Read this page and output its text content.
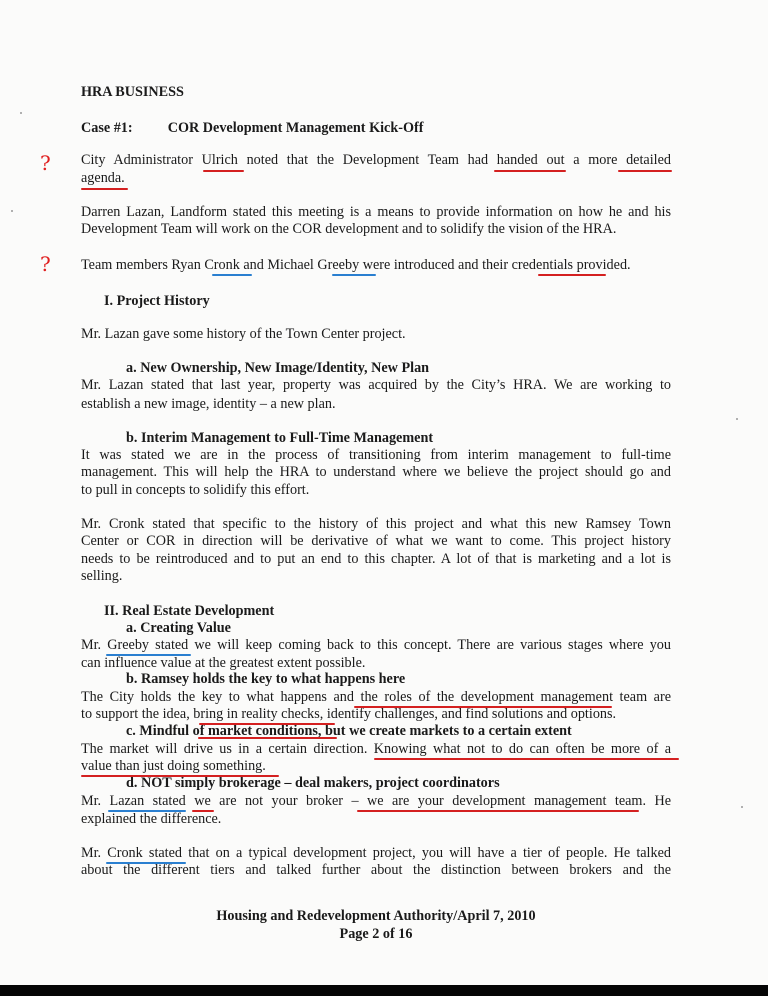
HRA BUSINESS
Case #1: COR Development Management Kick-Off
? City Administrator Ulrich noted that the Development Team had handed out a more detailed
agenda.
Darren Lazan, Landform stated this meeting is a means to provide information on how he and his
Development Team will work on the COR development and to solidify the vision of the HRA.
? Team members Ryan Cronk and Michael Greeby were introduced and their credentials provided.
I. Project History
Mr. Lazan gave some history of the Town Center project.
a. New Ownership, New Image/Identity, New Plan
Mr. Lazan stated that last year, property was acquired by the City’s HRA. We are working to
establish a new image, identity – a new plan.
b. Interim Management to Full-Time Management
It was stated we are in the process of transitioning from interim management to full-time
management. This will help the HRA to understand where we believe the project should go and
to pull in concepts to solidify this effort.
Mr. Cronk stated that specific to the history of this project and what this new Ramsey Town
Center or COR in direction will be derivative of what we want to come. This project history
needs to be reintroduced and to put an end to this chapter. A lot of that is marketing and a lot is
selling.
II. Real Estate Development
a. Creating Value
Mr. Greeby stated we will keep coming back to this concept. There are various stages where you
can influence value at the greatest extent possible.
b. Ramsey holds the key to what happens here
The City holds the key to what happens and the roles of the development management team are
to support the idea, bring in reality checks, identify challenges, and find solutions and options.
c. Mindful of market conditions, but we create markets to a certain extent
The market will drive us in a certain direction. Knowing what not to do can often be more of a
value than just doing something.
d. NOT simply brokerage – deal makers, project coordinators
Mr. Lazan stated we are not your broker – we are your development management team. He
explained the difference.
Mr. Cronk stated that on a typical development project, you will have a tier of people. He talked
about the different tiers and talked further about the distinction between brokers and the
Housing and Redevelopment Authority/April 7, 2010
Page 2 of 16
